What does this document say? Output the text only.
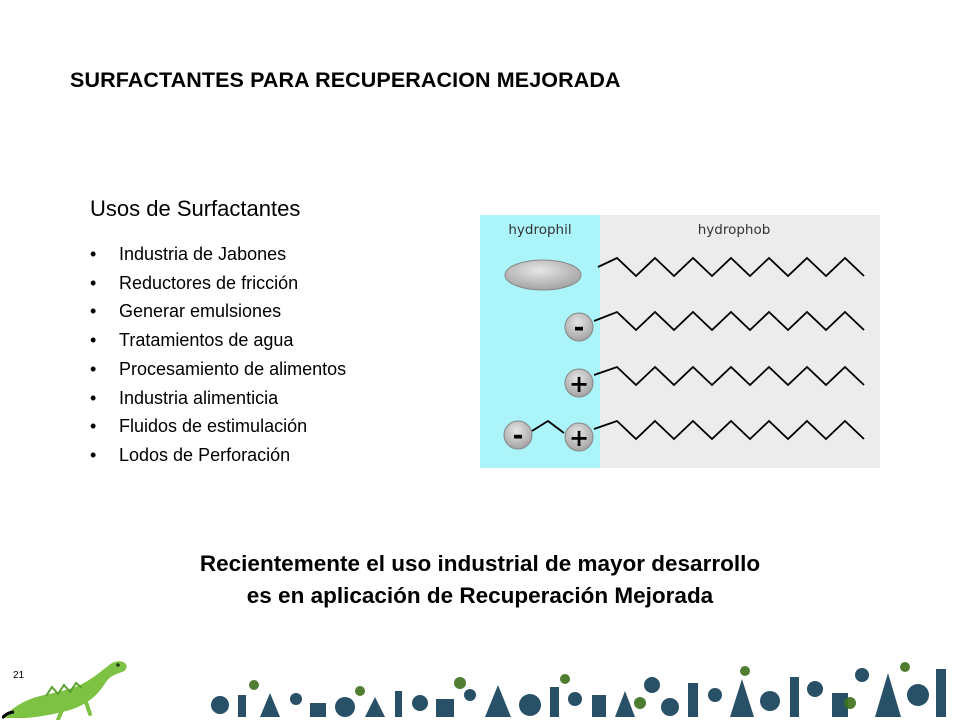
SURFACTANTES PARA RECUPERACION MEJORADA
Usos de Surfactantes
• Industria de Jabones
• Reductores de fricción
• Generar emulsiones
• Tratamientos de agua
• Procesamiento de alimentos
• Industria alimenticia
• Fluidos de estimulación
• Lodos de Perforación
hydrophil	hydrophob
-
+
- +
Recientemente el uso industrial de mayor desarrollo
es en aplicación de Recuperación Mejorada
21
